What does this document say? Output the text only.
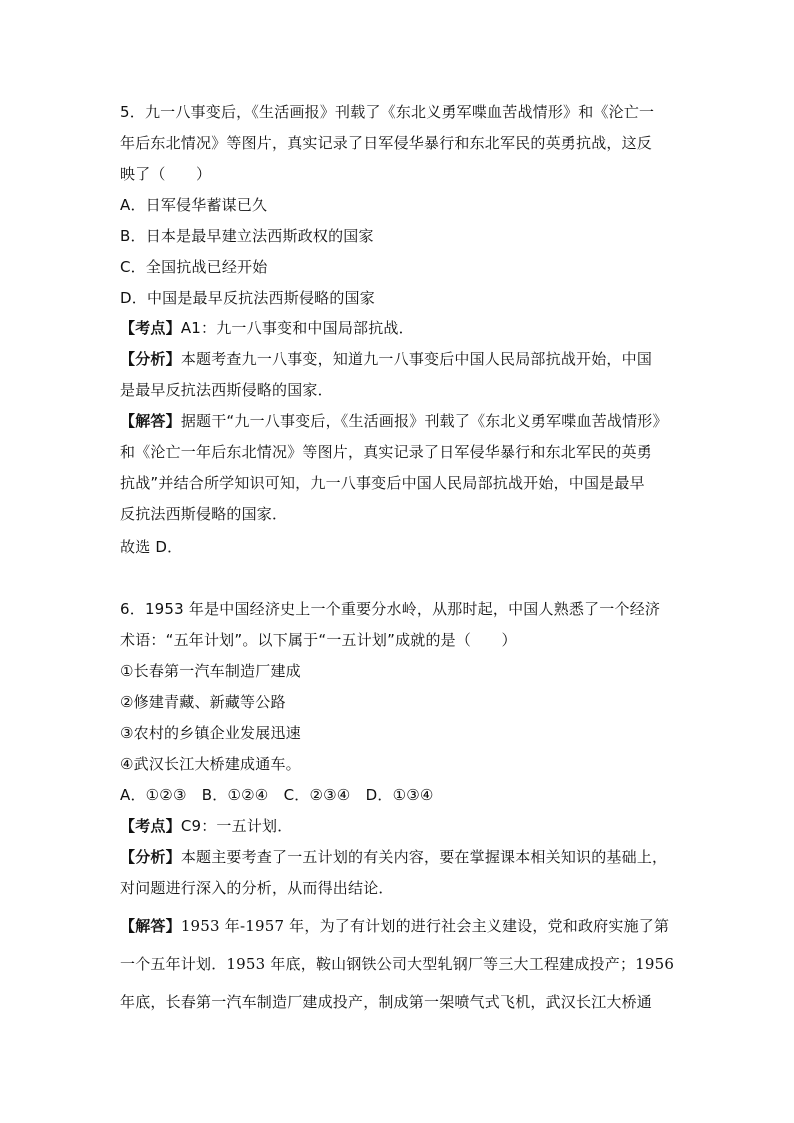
5．九一八事变后，《生活画报》刊载了《东北义勇军喋血苦战情形》和《沦亡一
年后东北情况》等图片，真实记录了日军侵华暴行和东北军民的英勇抗战，这反
映了（　　）
A．日军侵华蓄谋已久
B．日本是最早建立法西斯政权的国家
C．全国抗战已经开始
D．中国是最早反抗法西斯侵略的国家
【考点】A1：九一八事变和中国局部抗战．
【分析】本题考查九一八事变，知道九一八事变后中国人民局部抗战开始，中国
是最早反抗法西斯侵略的国家．
【解答】据题干“九一八事变后，《生活画报》刊载了《东北义勇军喋血苦战情形》
和《沦亡一年后东北情况》等图片，真实记录了日军侵华暴行和东北军民的英勇
抗战”并结合所学知识可知，九一八事变后中国人民局部抗战开始，中国是最早
反抗法西斯侵略的国家．
故选 D．
6．1953 年是中国经济史上一个重要分水岭，从那时起，中国人熟悉了一个经济
术语：“五年计划”。以下属于“一五计划”成就的是（　　）
①长春第一汽车制造厂建成
②修建青藏、新藏等公路
③农村的乡镇企业发展迅速
④武汉长江大桥建成通车。
A．①②③　B．①②④　C．②③④　D．①③④
【考点】C9：一五计划．
【分析】本题主要考查了一五计划的有关内容，要在掌握课本相关知识的基础上，
对问题进行深入的分析，从而得出结论．
【解答】1953 年-1957 年，为了有计划的进行社会主义建设，党和政府实施了第
一个五年计划．1953 年底，鞍山钢铁公司大型轧钢厂等三大工程建成投产；1956
年底，长春第一汽车制造厂建成投产，制成第一架喷气式飞机，武汉长江大桥通
